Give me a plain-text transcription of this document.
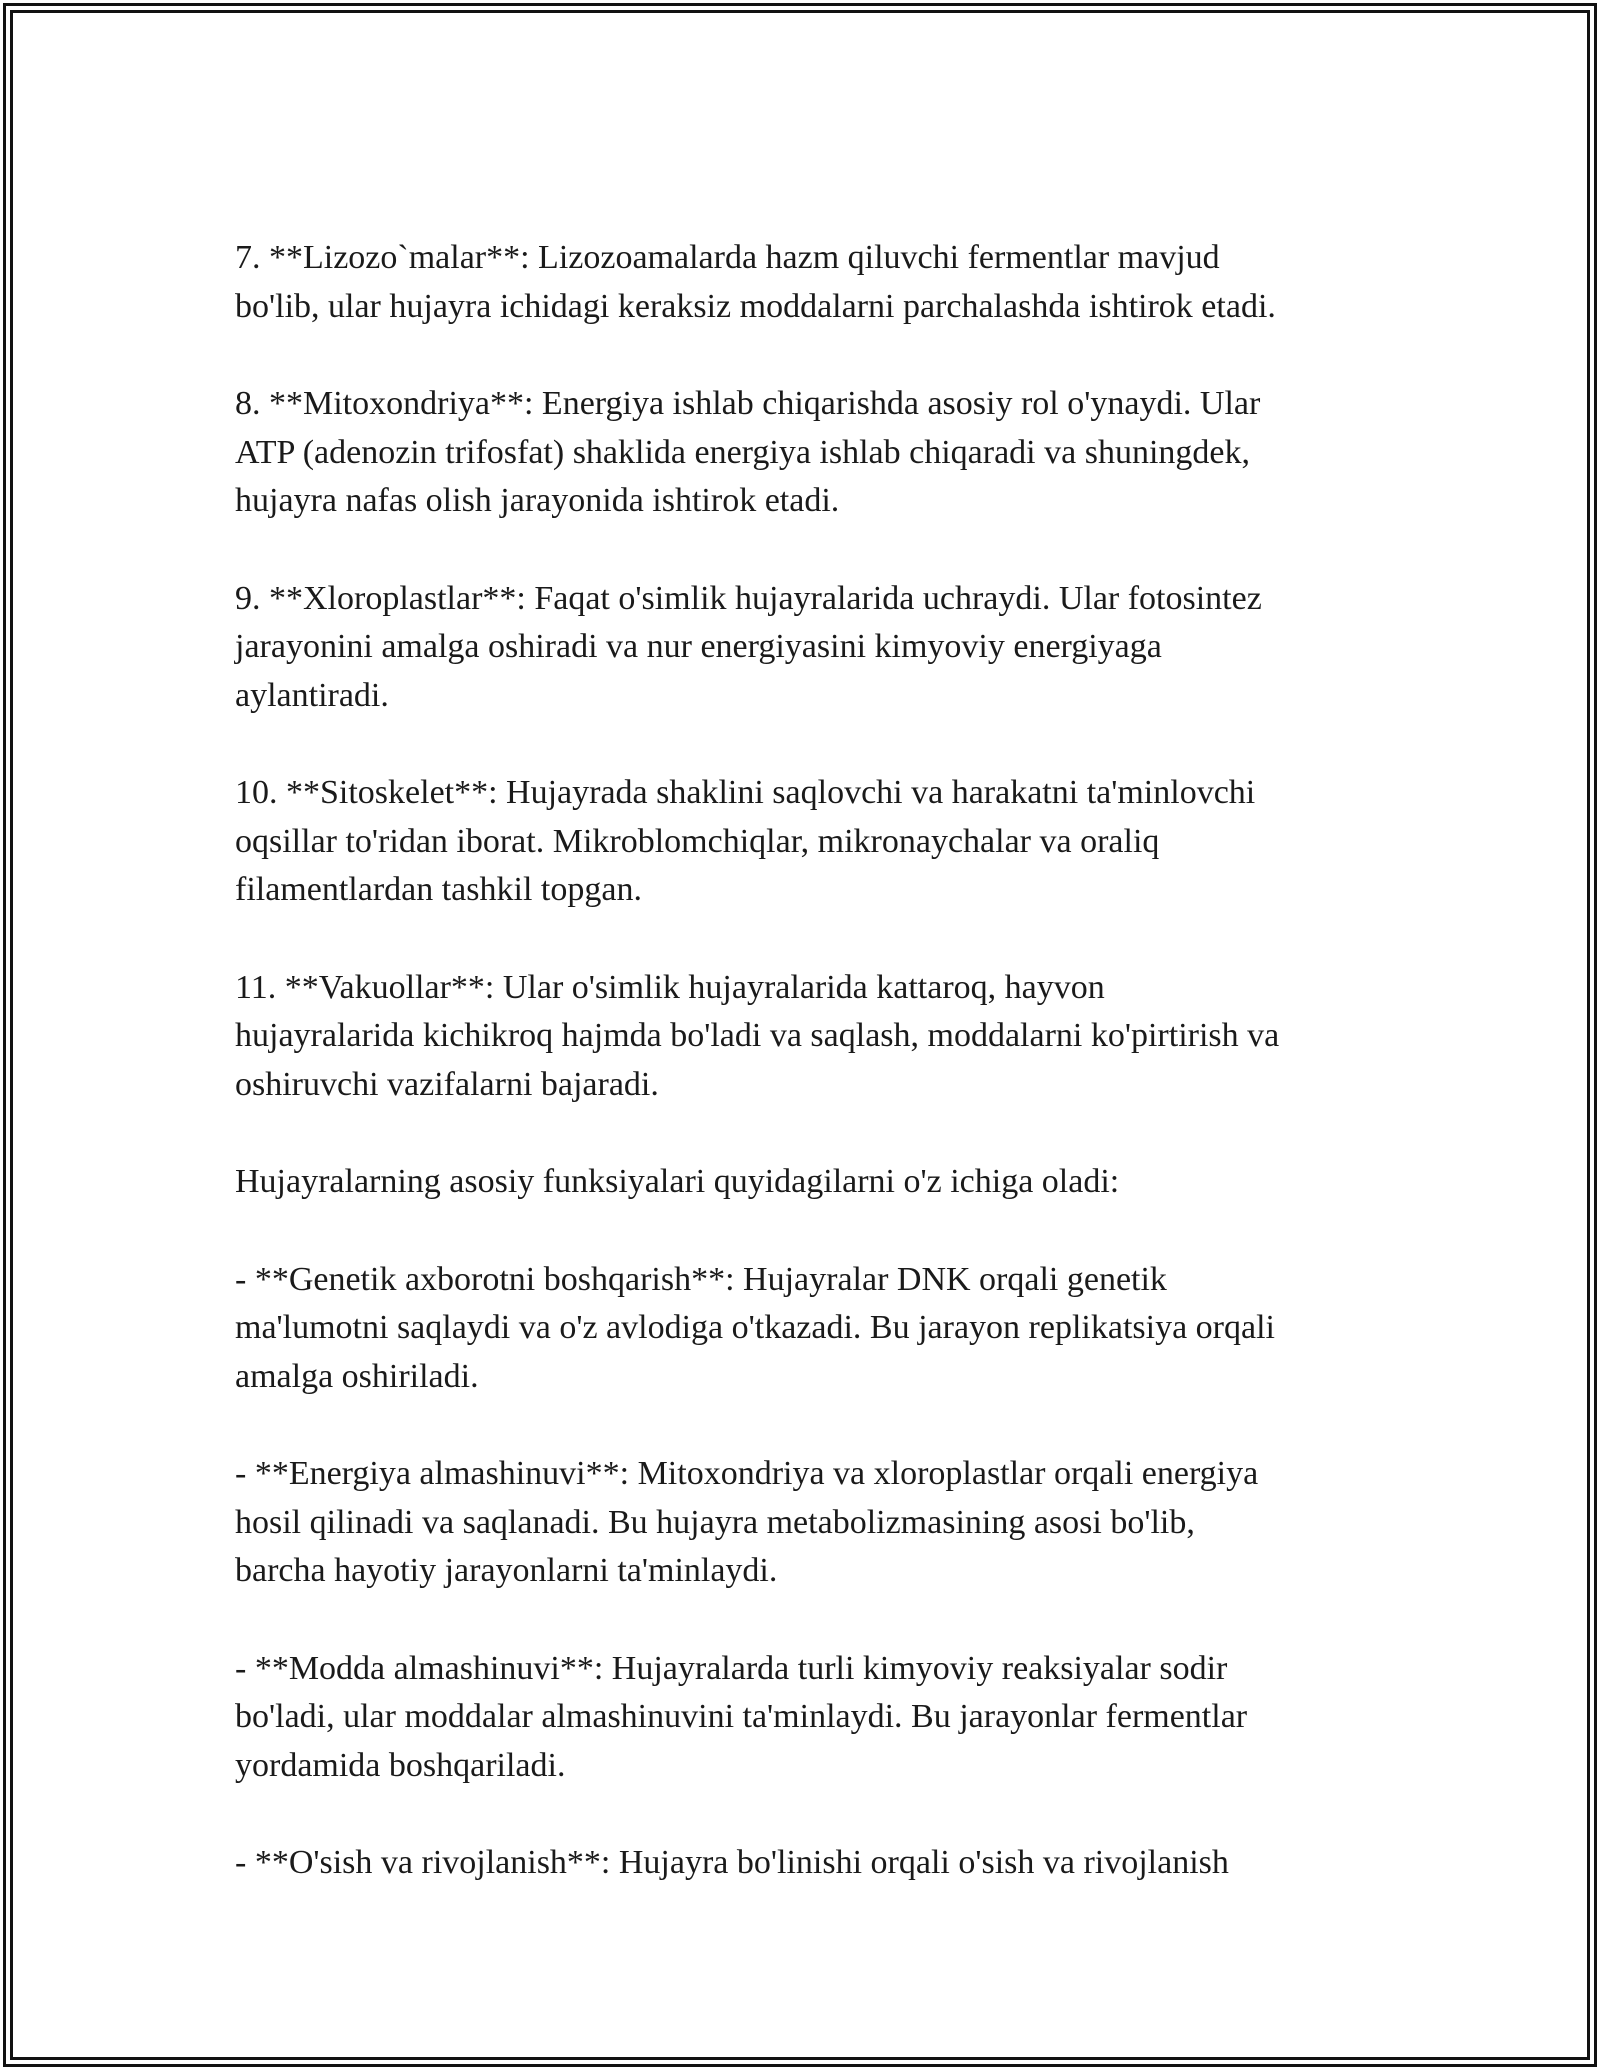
7. **Lizozo`malar**: Lizozoamalarda hazm qiluvchi fermentlar mavjud
bo'lib, ular hujayra ichidagi keraksiz moddalarni parchalashda ishtirok etadi.

8. **Mitoxondriya**: Energiya ishlab chiqarishda asosiy rol o'ynaydi. Ular
ATP (adenozin trifosfat) shaklida energiya ishlab chiqaradi va shuningdek,
hujayra nafas olish jarayonida ishtirok etadi.

9. **Xloroplastlar**: Faqat o'simlik hujayralarida uchraydi. Ular fotosintez
jarayonini amalga oshiradi va nur energiyasini kimyoviy energiyaga
aylantiradi.

10. **Sitoskelet**: Hujayrada shaklini saqlovchi va harakatni ta'minlovchi
oqsillar to'ridan iborat. Mikroblomchiqlar, mikronaychalar va oraliq
filamentlardan tashkil topgan.

11. **Vakuollar**: Ular o'simlik hujayralarida kattaroq, hayvon
hujayralarida kichikroq hajmda bo'ladi va saqlash, moddalarni ko'pirtirish va
oshiruvchi vazifalarni bajaradi.

Hujayralarning asosiy funksiyalari quyidagilarni o'z ichiga oladi:

- **Genetik axborotni boshqarish**: Hujayralar DNK orqali genetik
ma'lumotni saqlaydi va o'z avlodiga o'tkazadi. Bu jarayon replikatsiya orqali
amalga oshiriladi.

- **Energiya almashinuvi**: Mitoxondriya va xloroplastlar orqali energiya
hosil qilinadi va saqlanadi. Bu hujayra metabolizmasining asosi bo'lib,
barcha hayotiy jarayonlarni ta'minlaydi.

- **Modda almashinuvi**: Hujayralarda turli kimyoviy reaksiyalar sodir
bo'ladi, ular moddalar almashinuvini ta'minlaydi. Bu jarayonlar fermentlar
yordamida boshqariladi.

- **O'sish va rivojlanish**: Hujayra bo'linishi orqali o'sish va rivojlanish
